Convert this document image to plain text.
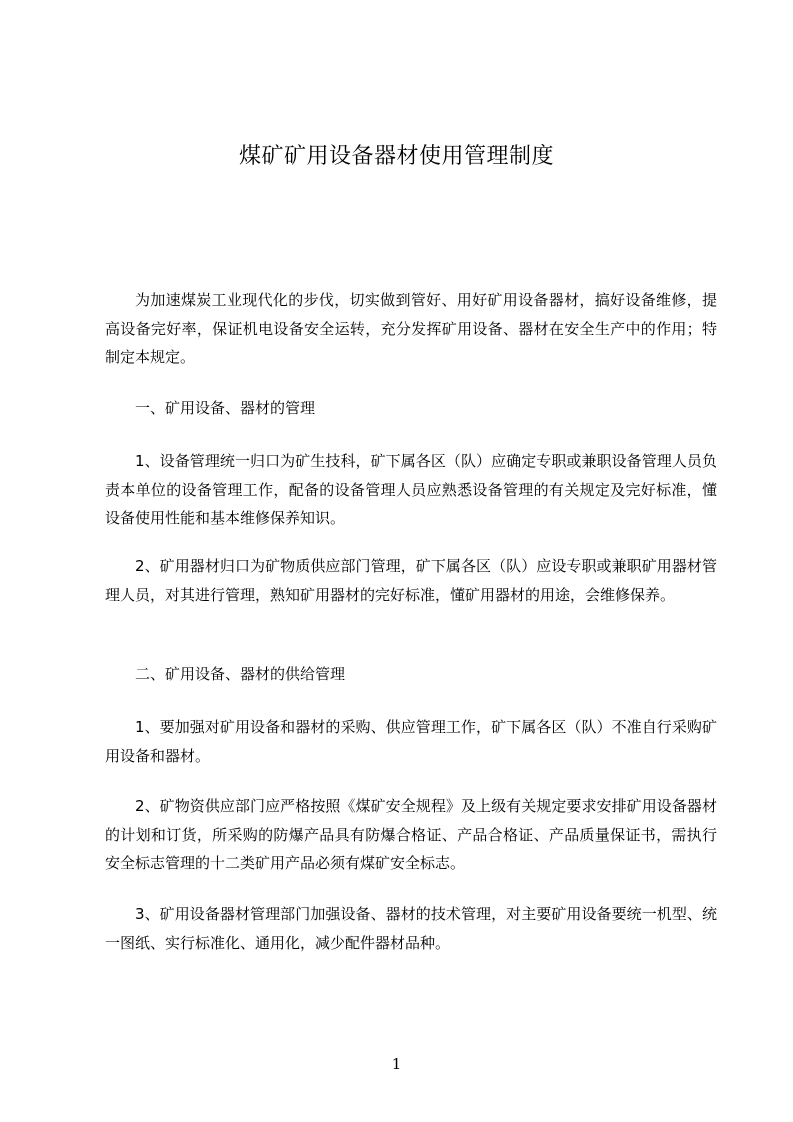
煤矿矿用设备器材使用管理制度
为加速煤炭工业现代化的步伐，切实做到管好、用好矿用设备器材，搞好设备维修，提高设备完好率，保证机电设备安全运转，充分发挥矿用设备、器材在安全生产中的作用；特制定本规定。
一、矿用设备、器材的管理
1、设备管理统一归口为矿生技科，矿下属各区（队）应确定专职或兼职设备管理人员负责本单位的设备管理工作，配备的设备管理人员应熟悉设备管理的有关规定及完好标准，懂设备使用性能和基本维修保养知识。
2、矿用器材归口为矿物质供应部门管理，矿下属各区（队）应设专职或兼职矿用器材管理人员，对其进行管理，熟知矿用器材的完好标准，懂矿用器材的用途，会维修保养。
二、矿用设备、器材的供给管理
1、要加强对矿用设备和器材的采购、供应管理工作，矿下属各区（队）不准自行采购矿用设备和器材。
2、矿物资供应部门应严格按照《煤矿安全规程》及上级有关规定要求安排矿用设备器材的计划和订货，所采购的防爆产品具有防爆合格证、产品合格证、产品质量保证书，需执行安全标志管理的十二类矿用产品必须有煤矿安全标志。
3、矿用设备器材管理部门加强设备、器材的技术管理，对主要矿用设备要统一机型、统一图纸、实行标准化、通用化，减少配件器材品种。
1
